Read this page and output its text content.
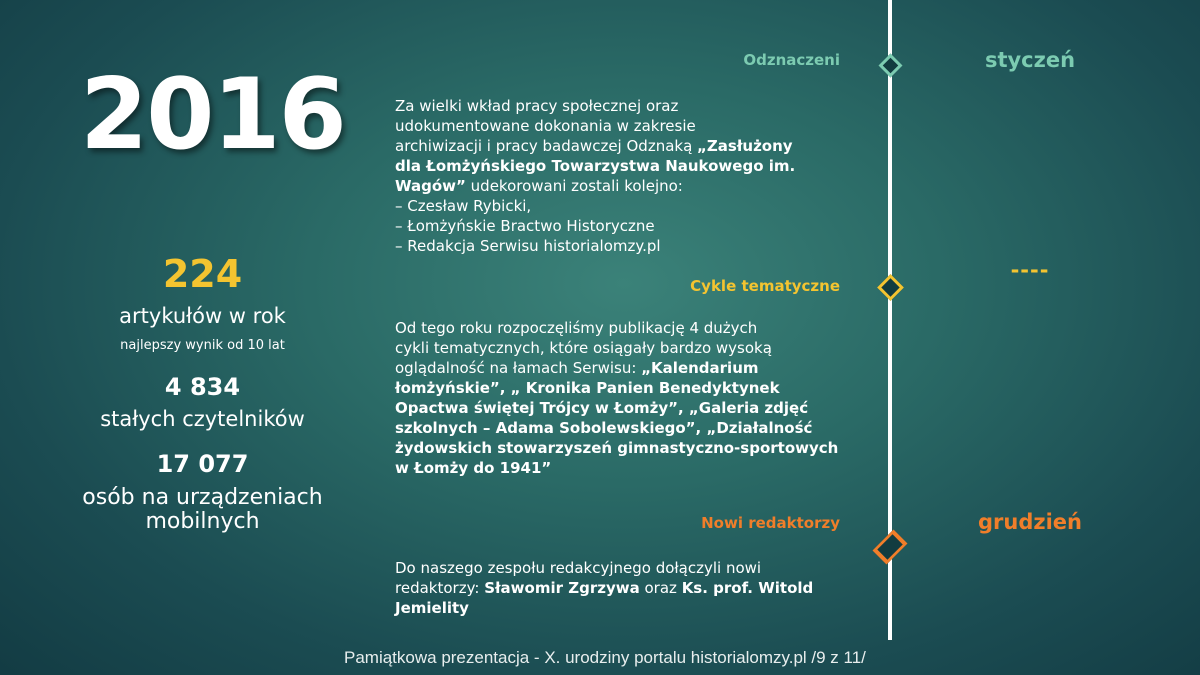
2016
224
artykułów w rok
najlepszy wynik od 10 lat
4 834
stałych czytelników
17 077
osób na urządzeniach
mobilnych
Odznaczeni
Cykle tematyczne
Nowi redaktorzy
styczeń
----
grudzień
Za wielki wkład pracy społecznej oraz
udokumentowane dokonania w zakresie
archiwizacji i pracy badawczej Odznaką „Zasłużony
dla Łomżyńskiego Towarzystwa Naukowego im.
Wagów” udekorowani zostali kolejno:
– Czesław Rybicki,
– Łomżyńskie Bractwo Historyczne
– Redakcja Serwisu historialomzy.pl
Od tego roku rozpoczęliśmy publikację 4 dużych
cykli tematycznych, które osiągały bardzo wysoką
oglądalność na łamach Serwisu: „Kalendarium
łomżyńskie”, „ Kronika Panien Benedyktynek
Opactwa świętej Trójcy w Łomży”, „Galeria zdjęć
szkolnych – Adama Sobolewskiego”, „Działalność
żydowskich stowarzyszeń gimnastyczno-sportowych
w Łomży do 1941”
Do naszego zespołu redakcyjnego dołączyli nowi
redaktorzy: Sławomir Zgrzywa oraz Ks. prof. Witold
Jemielity
Pamiątkowa prezentacja - X. urodziny portalu historialomzy.pl /9 z 11/
